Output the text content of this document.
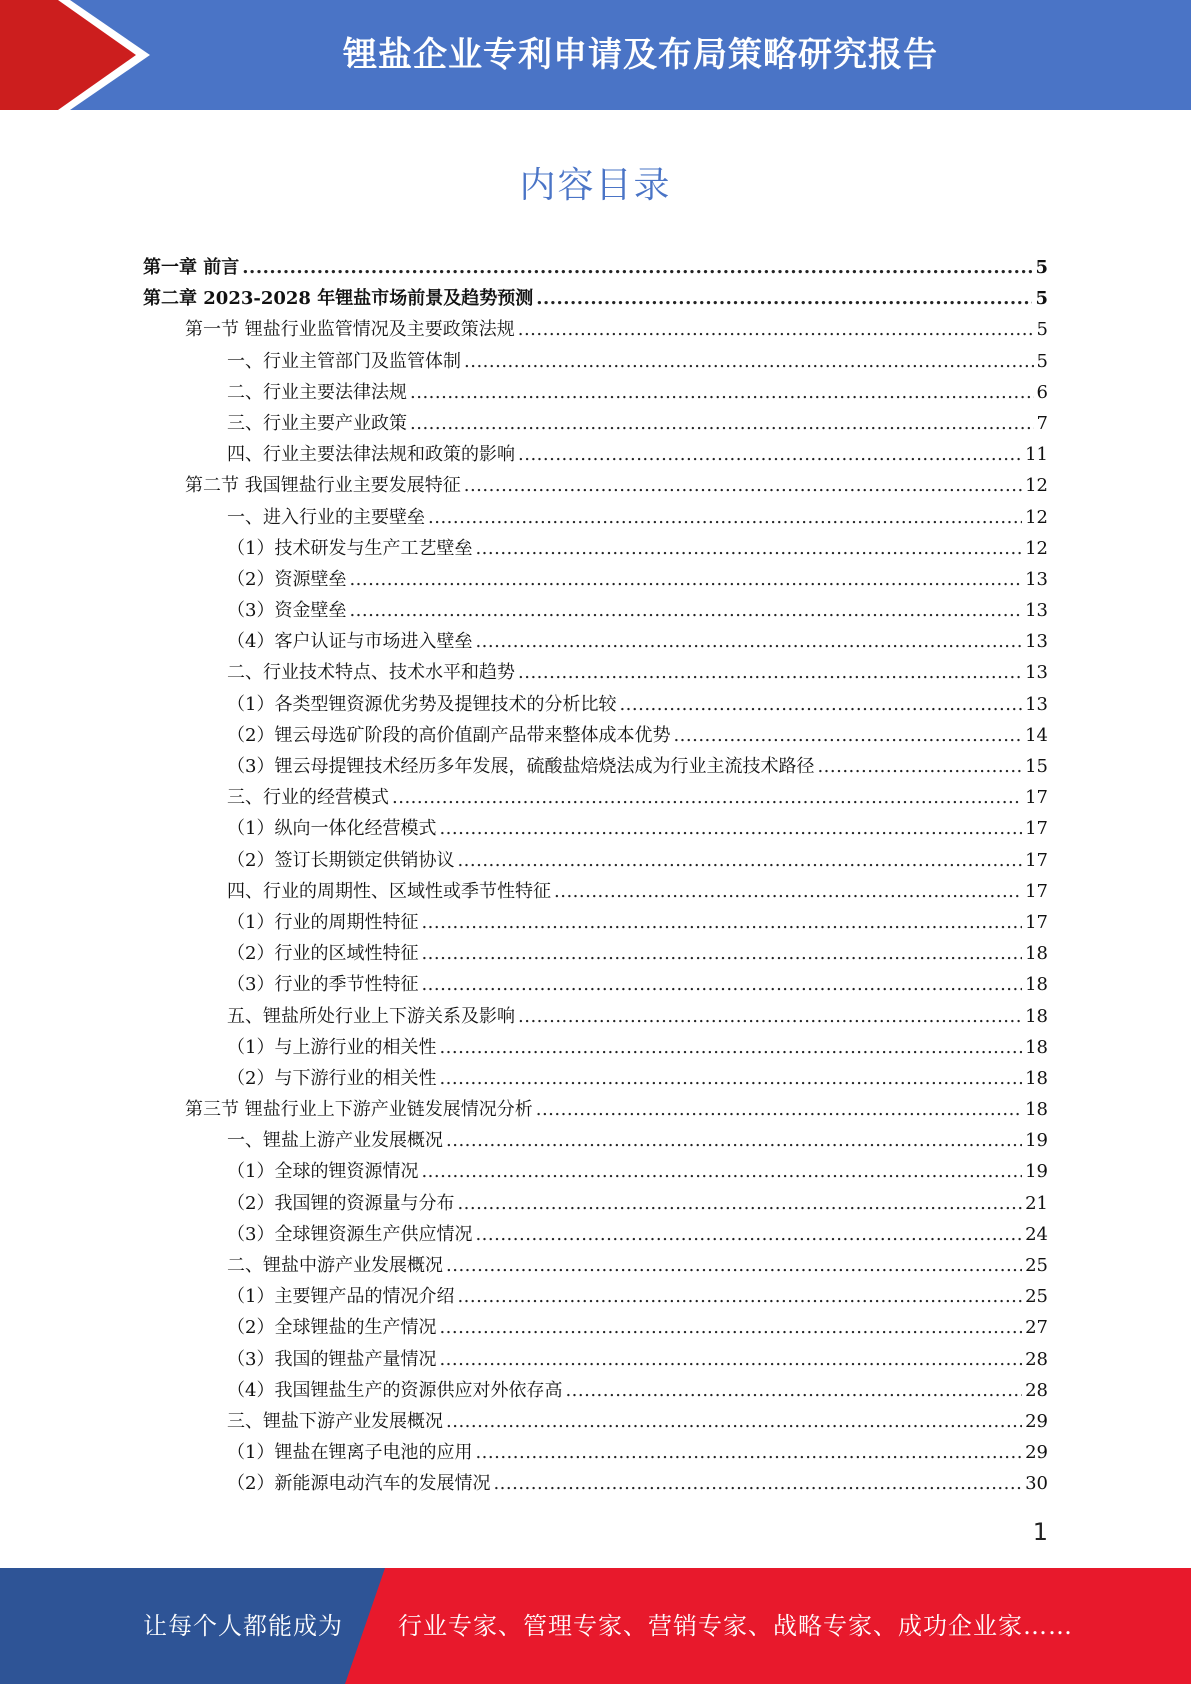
锂盐企业专利申请及布局策略研究报告
内容目录
第一章 前言 .....	5
第二章 2023-2028 年锂盐市场前景及趋势预测 .....	5
第一节 锂盐行业监管情况及主要政策法规 .....	5
一、行业主管部门及监管体制 .....	5
二、行业主要法律法规 .....	6
三、行业主要产业政策 .....	7
四、行业主要法律法规和政策的影响 .....	11
第二节 我国锂盐行业主要发展特征 .....	12
一、进入行业的主要壁垒 .....	12
（1）技术研发与生产工艺壁垒 .....	12
（2）资源壁垒 .....	13
（3）资金壁垒 .....	13
（4）客户认证与市场进入壁垒 .....	13
二、行业技术特点、技术水平和趋势 .....	13
（1）各类型锂资源优劣势及提锂技术的分析比较 .....	13
（2）锂云母选矿阶段的高价值副产品带来整体成本优势 .....	14
（3）锂云母提锂技术经历多年发展，硫酸盐焙烧法成为行业主流技术路径 .....	15
三、行业的经营模式 .....	17
（1）纵向一体化经营模式 .....	17
（2）签订长期锁定供销协议 .....	17
四、行业的周期性、区域性或季节性特征 .....	17
（1）行业的周期性特征 .....	17
（2）行业的区域性特征 .....	18
（3）行业的季节性特征 .....	18
五、锂盐所处行业上下游关系及影响 .....	18
（1）与上游行业的相关性 .....	18
（2）与下游行业的相关性 .....	18
第三节 锂盐行业上下游产业链发展情况分析 .....	18
一、锂盐上游产业发展概况 .....	19
（1）全球的锂资源情况 .....	19
（2）我国锂的资源量与分布 .....	21
（3）全球锂资源生产供应情况 .....	24
二、锂盐中游产业发展概况 .....	25
（1）主要锂产品的情况介绍 .....	25
（2）全球锂盐的生产情况 .....	27
（3）我国的锂盐产量情况 .....	28
（4）我国锂盐生产的资源供应对外依存高 .....	28
三、锂盐下游产业发展概况 .....	29
（1）锂盐在锂离子电池的应用 .....	29
（2）新能源电动汽车的发展情况 .....	30
1
让每个人都能成为 行业专家、管理专家、营销专家、战略专家、成功企业家……
